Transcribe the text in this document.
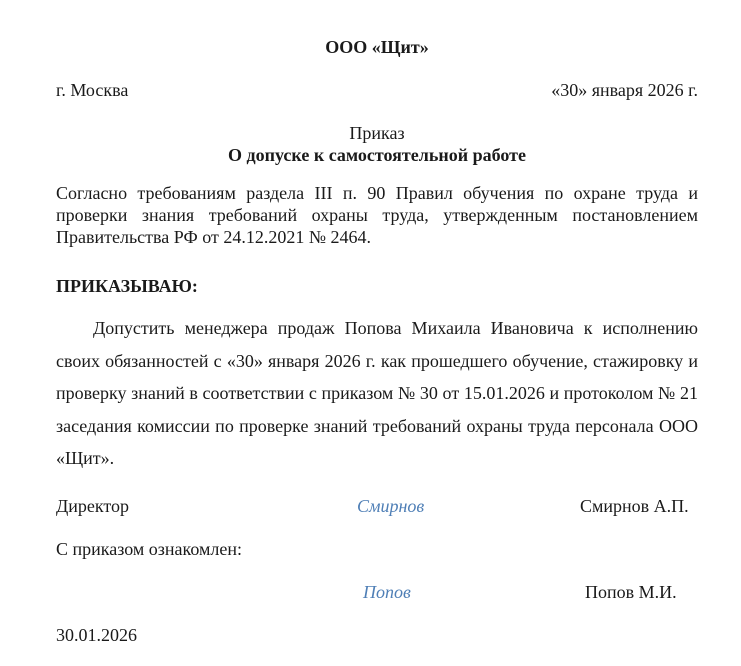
ООО «Щит»
г. Москва	«30» января 2026 г.
Приказ
О допуске к самостоятельной работе
Согласно требованиям раздела III п. 90 Правил обучения по охране труда и проверки знания требований охраны труда, утвержденным постановлением Правительства РФ от 24.12.2021 № 2464.
ПРИКАЗЫВАЮ:
Допустить менеджера продаж Попова Михаила Ивановича к исполнению своих обязанностей с «30» января 2026 г. как прошедшего обучение, стажировку и проверку знаний в соответствии с приказом № 30 от 15.01.2026 и протоколом № 21 заседания комиссии по проверке знаний требований охраны труда персонала ООО «Щит».
Директор	Смирнов	Смирнов А.П.
С приказом ознакомлен:
Попов	Попов М.И.
30.01.2026
